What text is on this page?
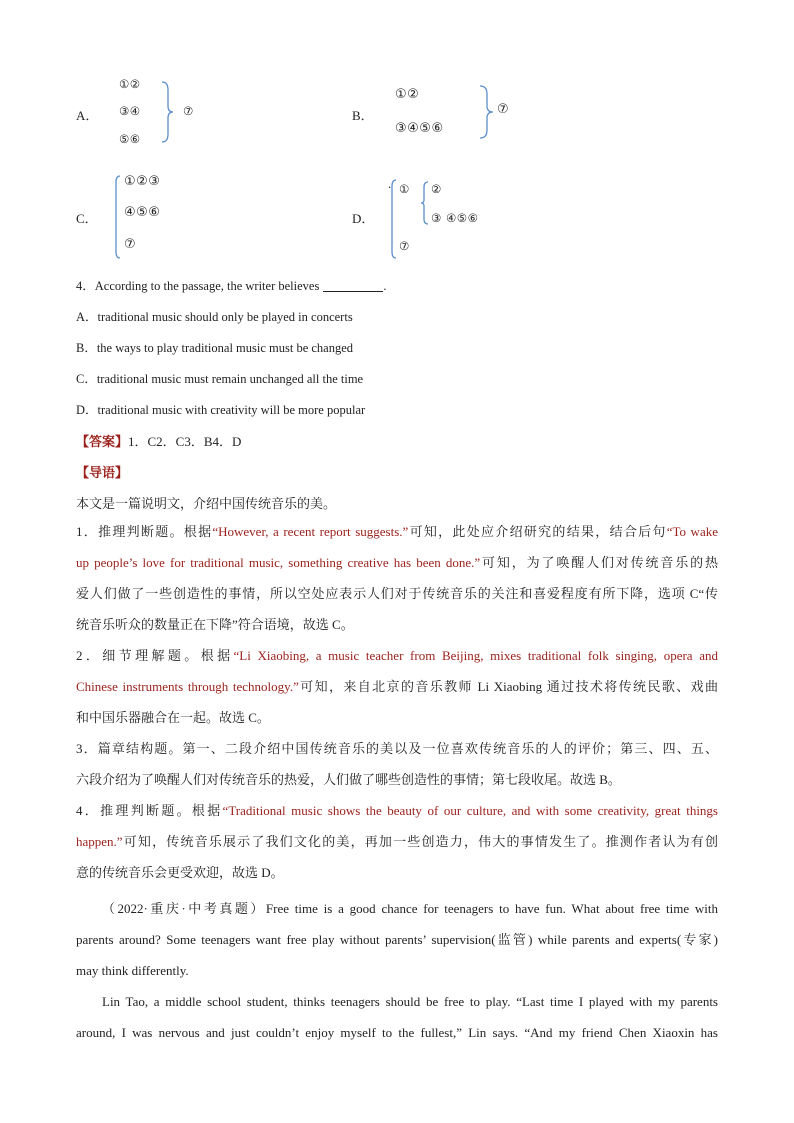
A．
①②
③④
⑤⑥
⑦	B．
①②
③④⑤⑥
⑦
C．
①②③
④⑤⑥
⑦
D．
. ① ②
③ ④⑤⑥
⑦
4．According to the passage, the writer believes	.
A．traditional music should only be played in concerts
B．the ways to play traditional music must be changed
C．traditional music must remain unchanged all the time
D．traditional music with creativity will be more popular
【答案】1．C2．C3．B4．D
【导语】
本文是一篇说明文，介绍中国传统音乐的美。
1．推理判断题。根据“However, a recent report suggests.”可知，此处应介绍研究的结果，结合后句“To wake
up people’s love for traditional music, something creative has been done.”可知，为了唤醒人们对传统音乐的热
爱人们做了一些创造性的事情，所以空处应表示人们对于传统音乐的关注和喜爱程度有所下降，选项 C“传
统音乐听众的数量正在下降”符合语境，故选 C。
2．细节理解题。根据“Li Xiaobing, a music teacher from Beijing, mixes traditional folk singing, opera and
Chinese instruments through technology.”可知，来自北京的音乐教师 Li Xiaobing 通过技术将传统民歌、戏曲
和中国乐器融合在一起。故选 C。
3．篇章结构题。第一、二段介绍中国传统音乐的美以及一位喜欢传统音乐的人的评价；第三、四、五、
六段介绍为了唤醒人们对传统音乐的热爱，人们做了哪些创造性的事情；第七段收尾。故选 B。
4．推理判断题。根据“Traditional music shows the beauty of our culture, and with some creativity, great things
happen.”可知，传统音乐展示了我们文化的美，再加一些创造力，伟大的事情发生了。推测作者认为有创
意的传统音乐会更受欢迎，故选 D。
（2022·重庆·中考真题）Free time is a good chance for teenagers to have fun. What about free time with
parents around? Some teenagers want free play without parents’ supervision(监管) while parents and experts(专家)
may think differently.
Lin Tao, a middle school student, thinks teenagers should be free to play. “Last time I played with my parents
around, I was nervous and just couldn’t enjoy myself to the fullest,” Lin says. “And my friend Chen Xiaoxin has
